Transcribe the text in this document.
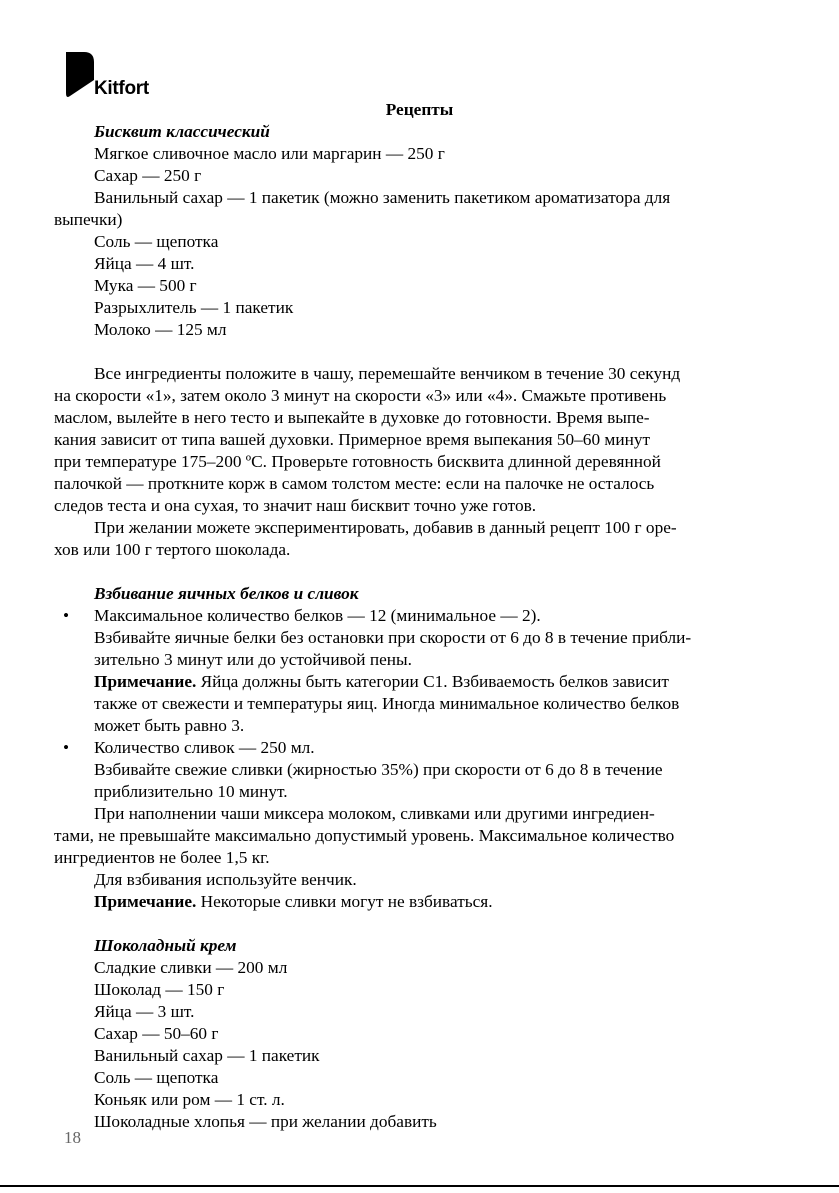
Kitfort
Рецепты
Бисквит классический
Мягкое сливочное масло или маргарин — 250 г
Сахар — 250 г
Ванильный сахар — 1 пакетик (можно заменить пакетиком ароматизатора для
выпечки)
Соль — щепотка
Яйца — 4 шт.
Мука — 500 г
Разрыхлитель — 1 пакетик
Молоко — 125 мл
Все ингредиенты положите в чашу, перемешайте венчиком в течение 30 секунд
на скорости «1», затем около 3 минут на скорости «3» или «4». Смажьте противень
маслом, вылейте в него тесто и выпекайте в духовке до готовности. Время выпе-
кания зависит от типа вашей духовки. Примерное время выпекания 50–60 минут
при температуре 175–200 ºC. Проверьте готовность бисквита длинной деревянной
палочкой — проткните корж в самом толстом месте: если на палочке не осталось
следов теста и она сухая, то значит наш бисквит точно уже готов.
При желании можете экспериментировать, добавив в данный рецепт 100 г оре-
хов или 100 г тертого шоколада.
Взбивание яичных белков и сливок
• Максимальное количество белков — 12 (минимальное — 2).
Взбивайте яичные белки без остановки при скорости от 6 до 8 в течение прибли-
зительно 3 минут или до устойчивой пены.
Примечание. Яйца должны быть категории С1. Взбиваемость белков зависит
также от свежести и температуры яиц. Иногда минимальное количество белков
может быть равно 3.
• Количество сливок — 250 мл.
Взбивайте свежие сливки (жирностью 35%) при скорости от 6 до 8 в течение
приблизительно 10 минут.
При наполнении чаши миксера молоком, сливками или другими ингредиен-
тами, не превышайте максимально допустимый уровень. Максимальное количество
ингредиентов не более 1,5 кг.
Для взбивания используйте венчик.
Примечание. Некоторые сливки могут не взбиваться.
Шоколадный крем
Сладкие сливки — 200 мл
Шоколад — 150 г
Яйца — 3 шт.
Сахар — 50–60 г
Ванильный сахар — 1 пакетик
Соль — щепотка
Коньяк или ром — 1 ст. л.
Шоколадные хлопья — при желании добавить
18
